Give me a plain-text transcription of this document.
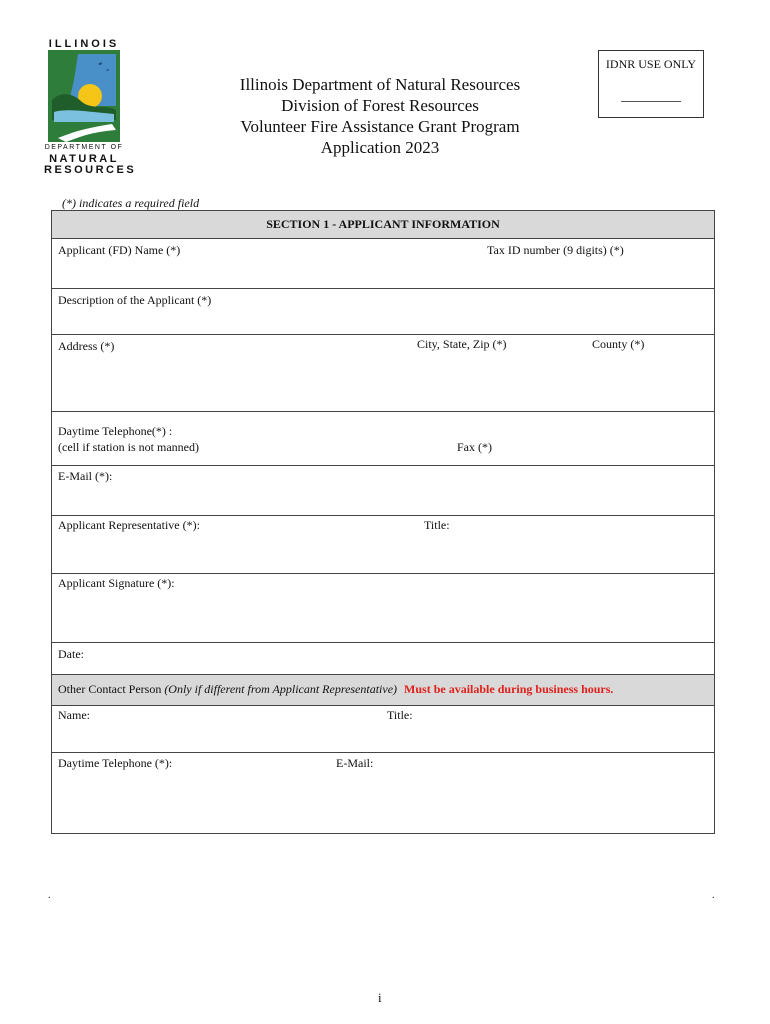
ILLINOIS
DEPARTMENT OF
NATURAL
RESOURCES
Illinois Department of Natural Resources
Division of Forest Resources
Volunteer Fire Assistance Grant Program
Application 2023
IDNR USE ONLY
(*) indicates a required field
SECTION 1 - APPLICANT INFORMATION
Applicant (FD) Name (*)	Tax ID number (9 digits) (*)
Description of the Applicant (*)
Address (*)	City, State, Zip (*)	County (*)
Daytime Telephone(*) :
(cell if station is not manned)	Fax (*)
E-Mail (*):
Applicant Representative (*):	Title:
Applicant Signature (*):
Date:
Other Contact Person (Only if different from Applicant Representative) Must be available during business hours.
Name:	Title:
Daytime Telephone (*):	E-Mail:
.	.
i
